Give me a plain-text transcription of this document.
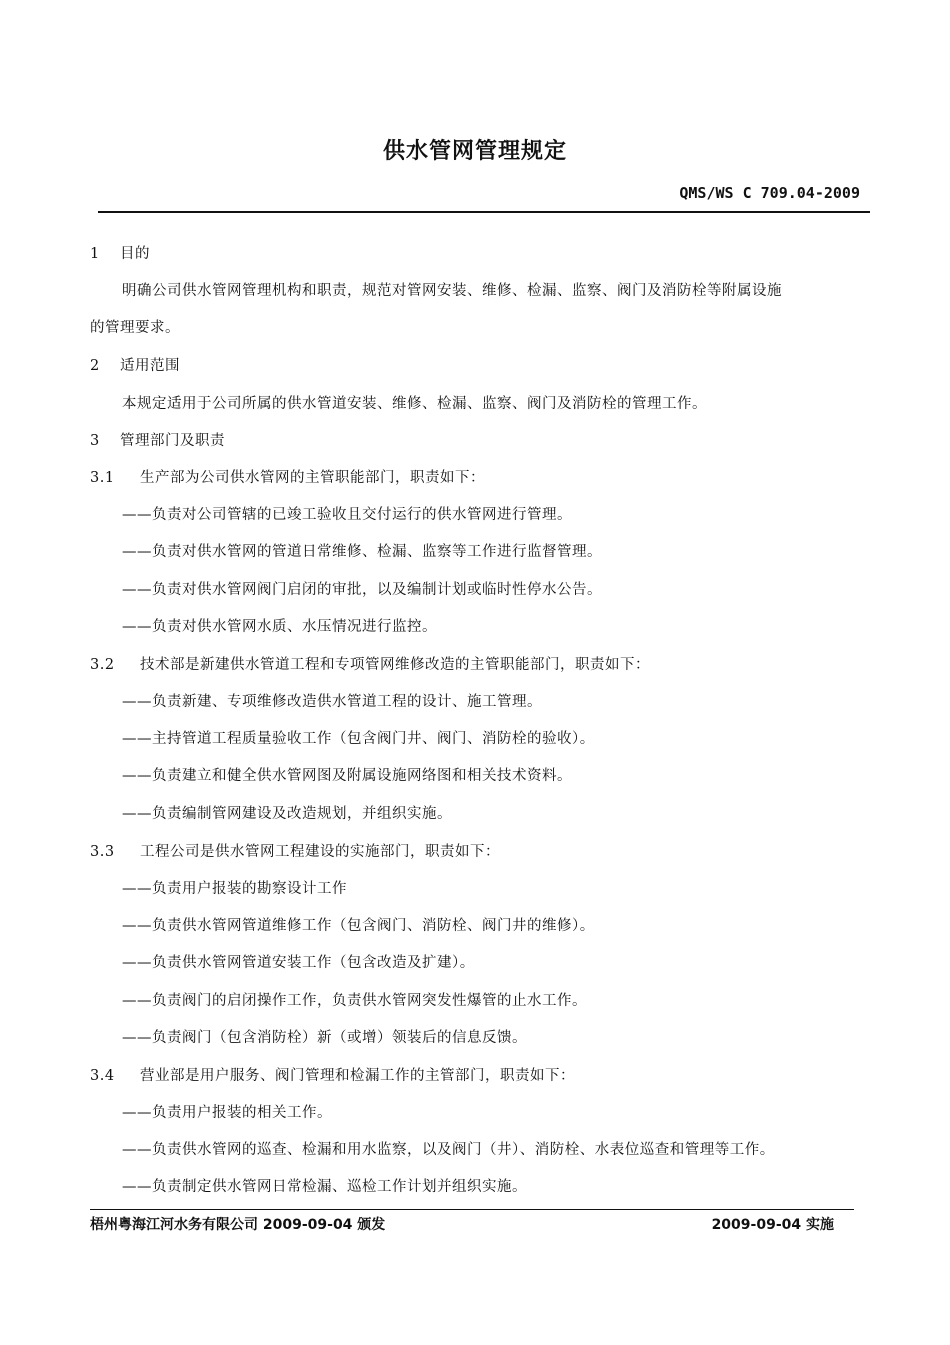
供水管网管理规定
QMS/WS C 709.04-2009
1 目的
明确公司供水管网管理机构和职责，规范对管网安装、维修、检漏、监察、阀门及消防栓等附属设施
的管理要求。
2 适用范围
本规定适用于公司所属的供水管道安装、维修、检漏、监察、阀门及消防栓的管理工作。
3 管理部门及职责
3.1 生产部为公司供水管网的主管职能部门，职责如下：
——负责对公司管辖的已竣工验收且交付运行的供水管网进行管理。
——负责对供水管网的管道日常维修、检漏、监察等工作进行监督管理。
——负责对供水管网阀门启闭的审批，以及编制计划或临时性停水公告。
——负责对供水管网水质、水压情况进行监控。
3.2 技术部是新建供水管道工程和专项管网维修改造的主管职能部门，职责如下：
——负责新建、专项维修改造供水管道工程的设计、施工管理。
——主持管道工程质量验收工作（包含阀门井、阀门、消防栓的验收）。
——负责建立和健全供水管网图及附属设施网络图和相关技术资料。
——负责编制管网建设及改造规划，并组织实施。
3.3 工程公司是供水管网工程建设的实施部门，职责如下：
——负责用户报装的勘察设计工作
——负责供水管网管道维修工作（包含阀门、消防栓、阀门井的维修）。
——负责供水管网管道安装工作（包含改造及扩建）。
——负责阀门的启闭操作工作，负责供水管网突发性爆管的止水工作。
——负责阀门（包含消防栓）新（或增）领装后的信息反馈。
3.4 营业部是用户服务、阀门管理和检漏工作的主管部门，职责如下：
——负责用户报装的相关工作。
——负责供水管网的巡查、检漏和用水监察，以及阀门（井）、消防栓、水表位巡查和管理等工作。
——负责制定供水管网日常检漏、巡检工作计划并组织实施。
梧州粤海江河水务有限公司 2009-09-04 颁发	2009-09-04 实施
